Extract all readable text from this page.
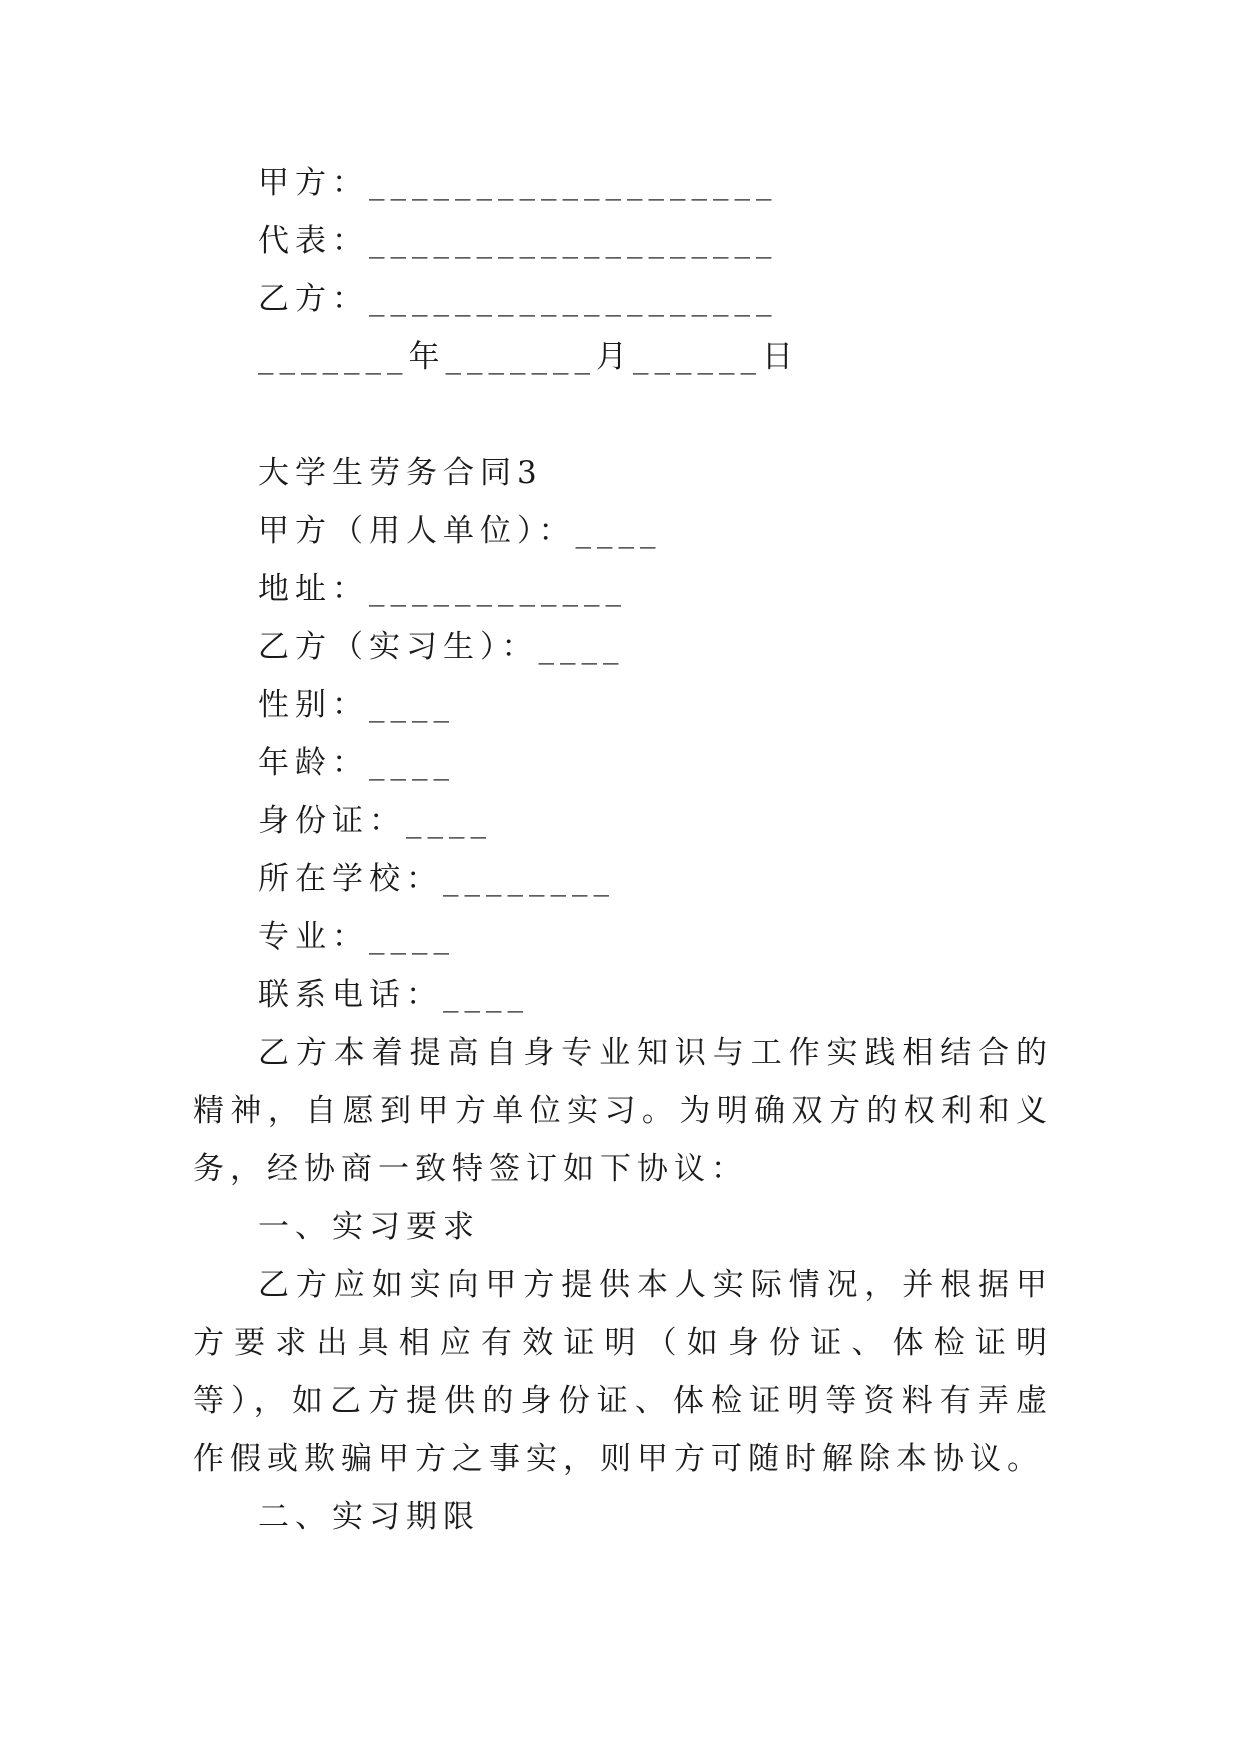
甲方：___________________
代表：___________________
乙方：___________________
_______年_______月______日
大学生劳务合同3
甲方（用人单位）：____
地址：____________
乙方（实习生）：____
性别：____
年龄：____
身份证：____
所在学校：________
专业：____
联系电话：____

乙方本着提高自身专业知识与工作实践相结合的精神，自愿到甲方单位实习。为明确双方的权利和义务，经协商一致特签订如下协议：

一、实习要求

乙方应如实向甲方提供本人实际情况，并根据甲方要求出具相应有效证明（如身份证、体检证明等），如乙方提供的身份证、体检证明等资料有弄虚作假或欺骗甲方之事实，则甲方可随时解除本协议。

二、实习期限
